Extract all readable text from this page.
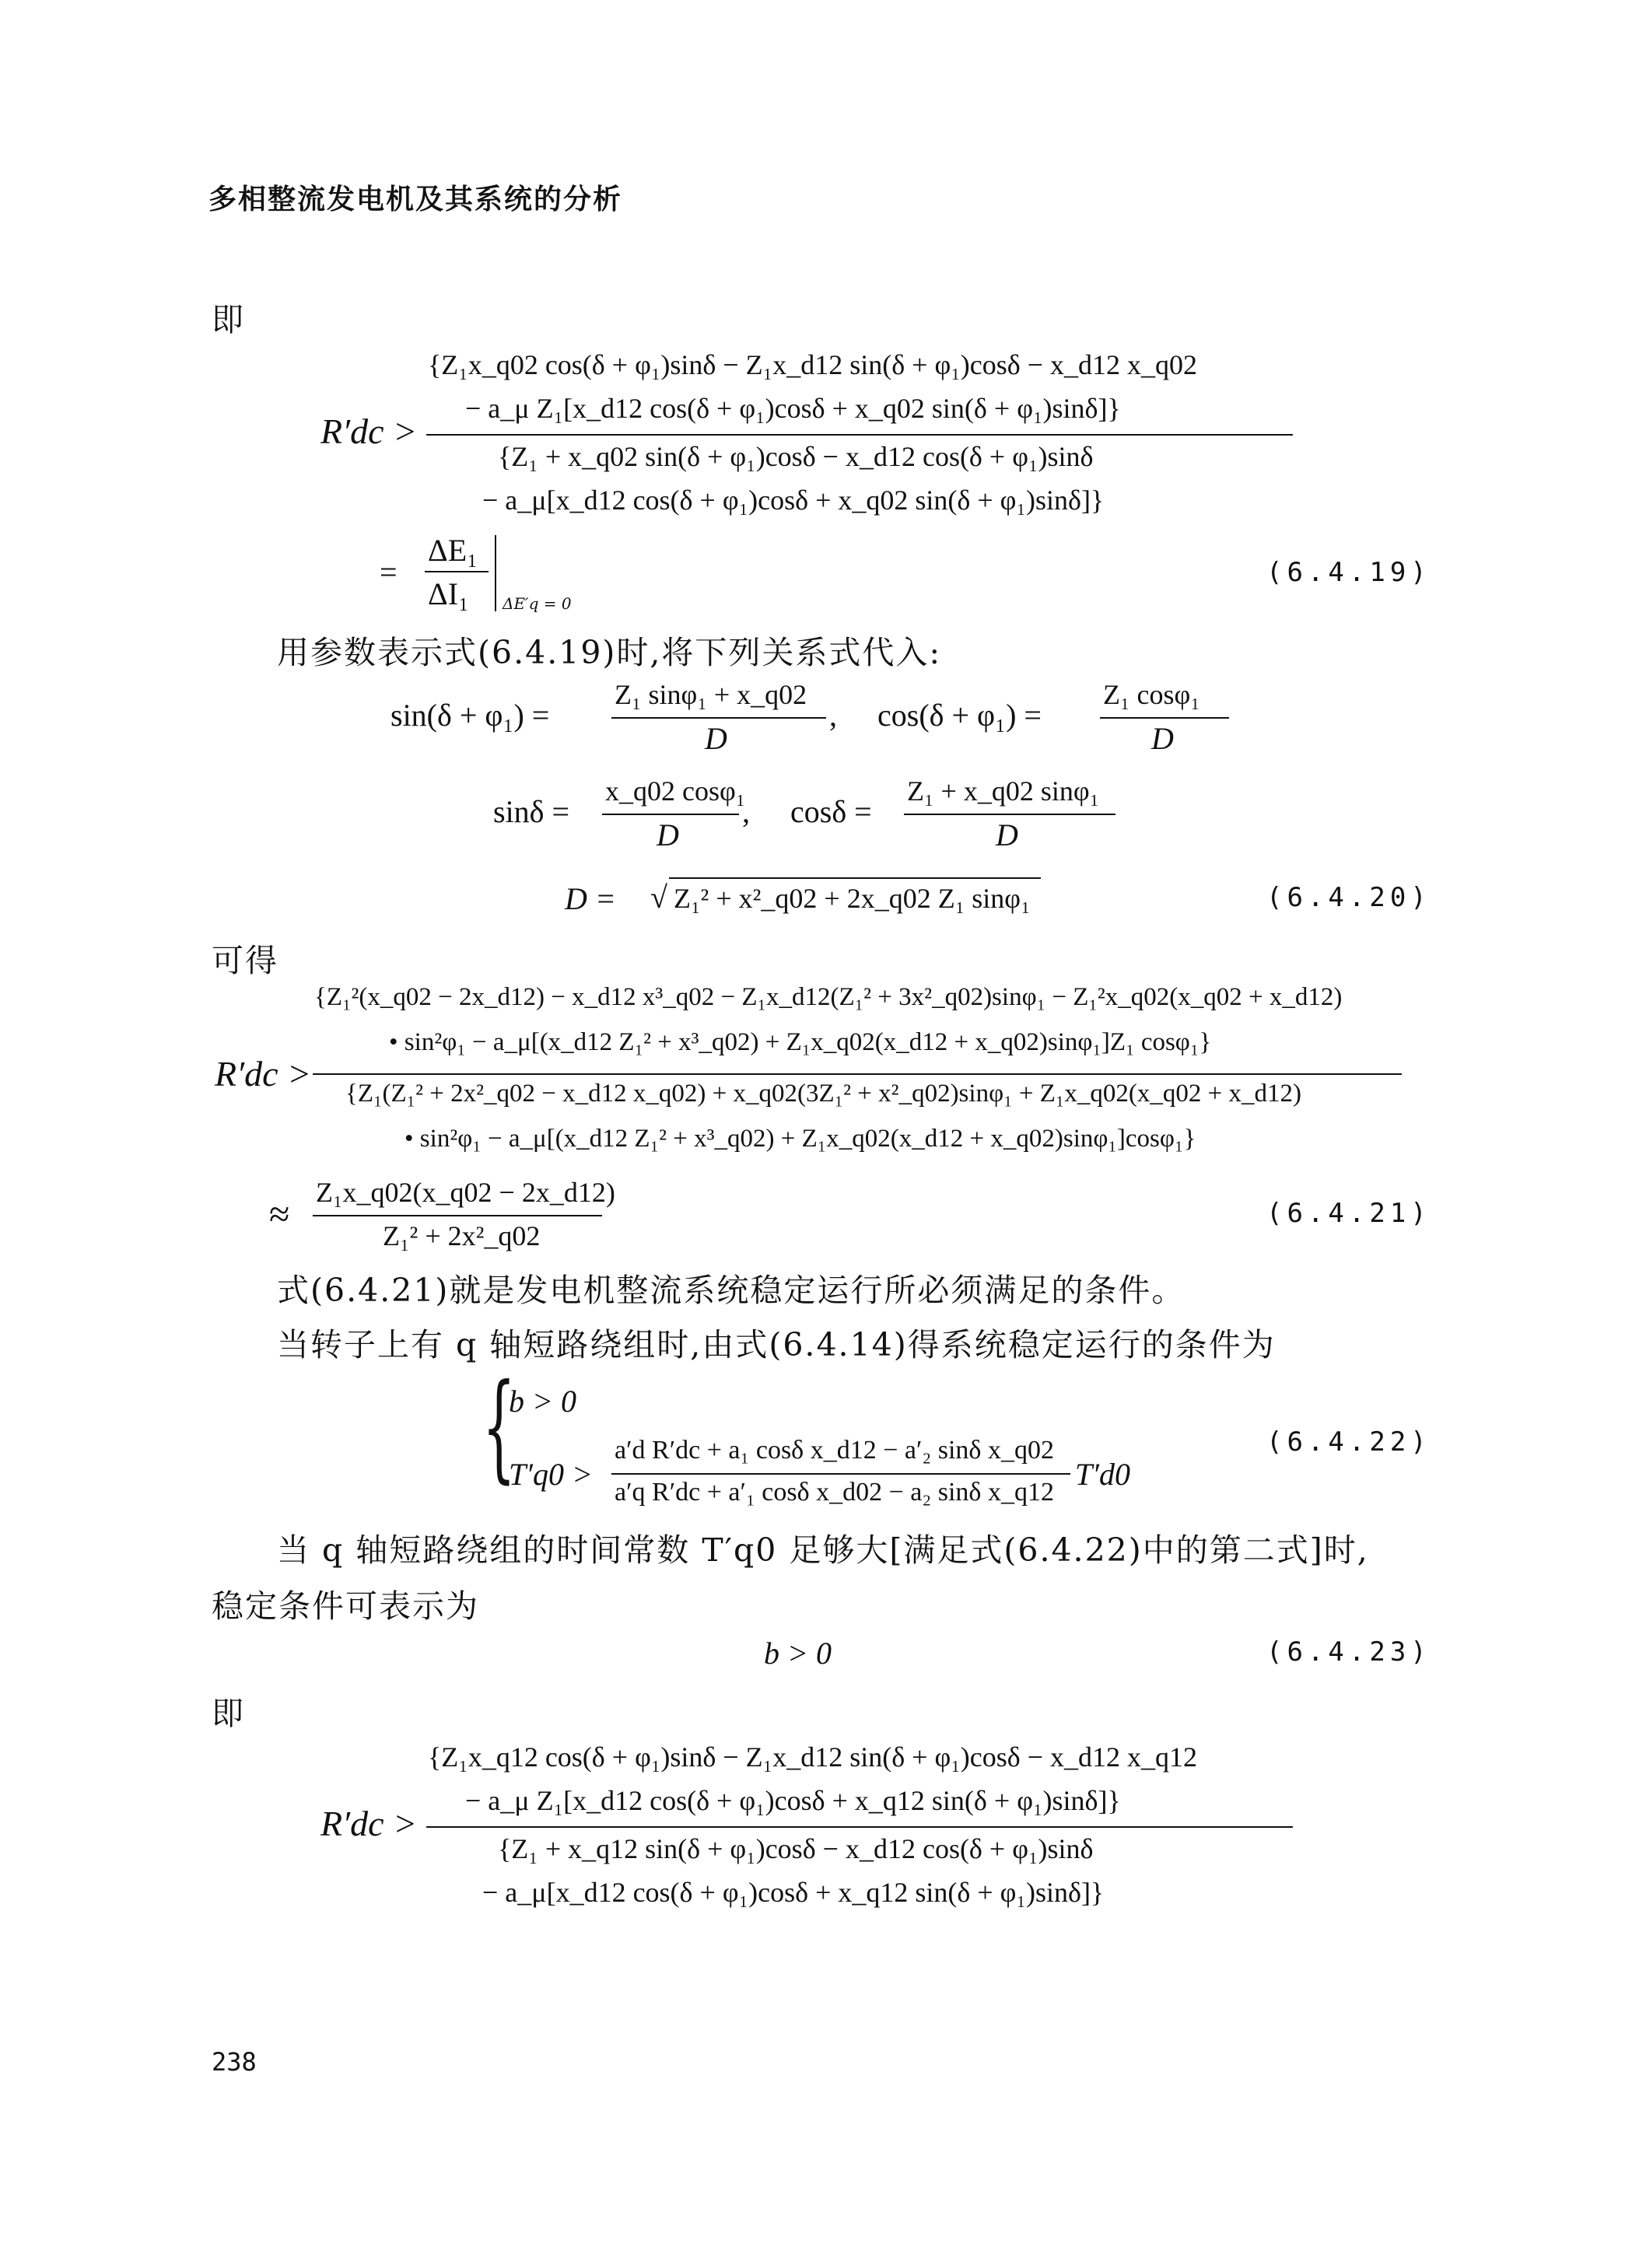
多相整流发电机及其系统的分析
即
R′dc >
{Z₁x_q02 cos(δ + φ₁)sinδ − Z₁x_d12 sin(δ + φ₁)cosδ − x_d12 x_q02
− a_μ Z₁[x_d12 cos(δ + φ₁)cosδ + x_q02 sin(δ + φ₁)sinδ]}
{Z₁ + x_q02 sin(δ + φ₁)cosδ − x_d12 cos(δ + φ₁)sinδ
− a_μ[x_d12 cos(δ + φ₁)cosδ + x_q02 sin(δ + φ₁)sinδ]}
=
ΔE₁
ΔI₁ ΔE′q = 0
(6.4.19)
用参数表示式(6.4.19)时,将下列关系式代入:
sin(δ + φ₁) =
Z₁ sinφ₁ + x_q02
D
, cos(δ + φ₁) =
Z₁ cosφ₁
D
sinδ =
x_q02 cosφ₁
D
, cosδ =
Z₁ + x_q02 sinφ₁
D
D = √ Z₁² + x²_q02 + 2x_q02 Z₁ sinφ₁	(6.4.20)
可得
R′dc >
{Z₁²(x_q02 − 2x_d12) − x_d12 x³_q02 − Z₁x_d12(Z₁² + 3x²_q02)sinφ₁ − Z₁²x_q02(x_q02 + x_d12)
• sin²φ₁ − a_μ[(x_d12 Z₁² + x³_q02) + Z₁x_q02(x_d12 + x_q02)sinφ₁]Z₁ cosφ₁}
{Z₁(Z₁² + 2x²_q02 − x_d12 x_q02) + x_q02(3Z₁² + x²_q02)sinφ₁ + Z₁x_q02(x_q02 + x_d12)
• sin²φ₁ − a_μ[(x_d12 Z₁² + x³_q02) + Z₁x_q02(x_d12 + x_q02)sinφ₁]cosφ₁}
≈
Z₁x_q02(x_q02 − 2x_d12)
Z₁² + 2x²_q02
(6.4.21)
式(6.4.21)就是发电机整流系统稳定运行所必须满足的条件。
当转子上有 q 轴短路绕组时,由式(6.4.14)得系统稳定运行的条件为
{
b > 0
T′q0 >
a′d R′dc + a₁ cosδ x_d12 − a′₂ sinδ x_q02
a′q R′dc + a′₁ cosδ x_d02 − a₂ sinδ x_q12
T′d0
(6.4.22)
当 q 轴短路绕组的时间常数 T′q0 足够大[满足式(6.4.22)中的第二式]时,
稳定条件可表示为
b > 0	(6.4.23)
即
R′dc >
{Z₁x_q12 cos(δ + φ₁)sinδ − Z₁x_d12 sin(δ + φ₁)cosδ − x_d12 x_q12
− a_μ Z₁[x_d12 cos(δ + φ₁)cosδ + x_q12 sin(δ + φ₁)sinδ]}
{Z₁ + x_q12 sin(δ + φ₁)cosδ − x_d12 cos(δ + φ₁)sinδ
− a_μ[x_d12 cos(δ + φ₁)cosδ + x_q12 sin(δ + φ₁)sinδ]}
238
